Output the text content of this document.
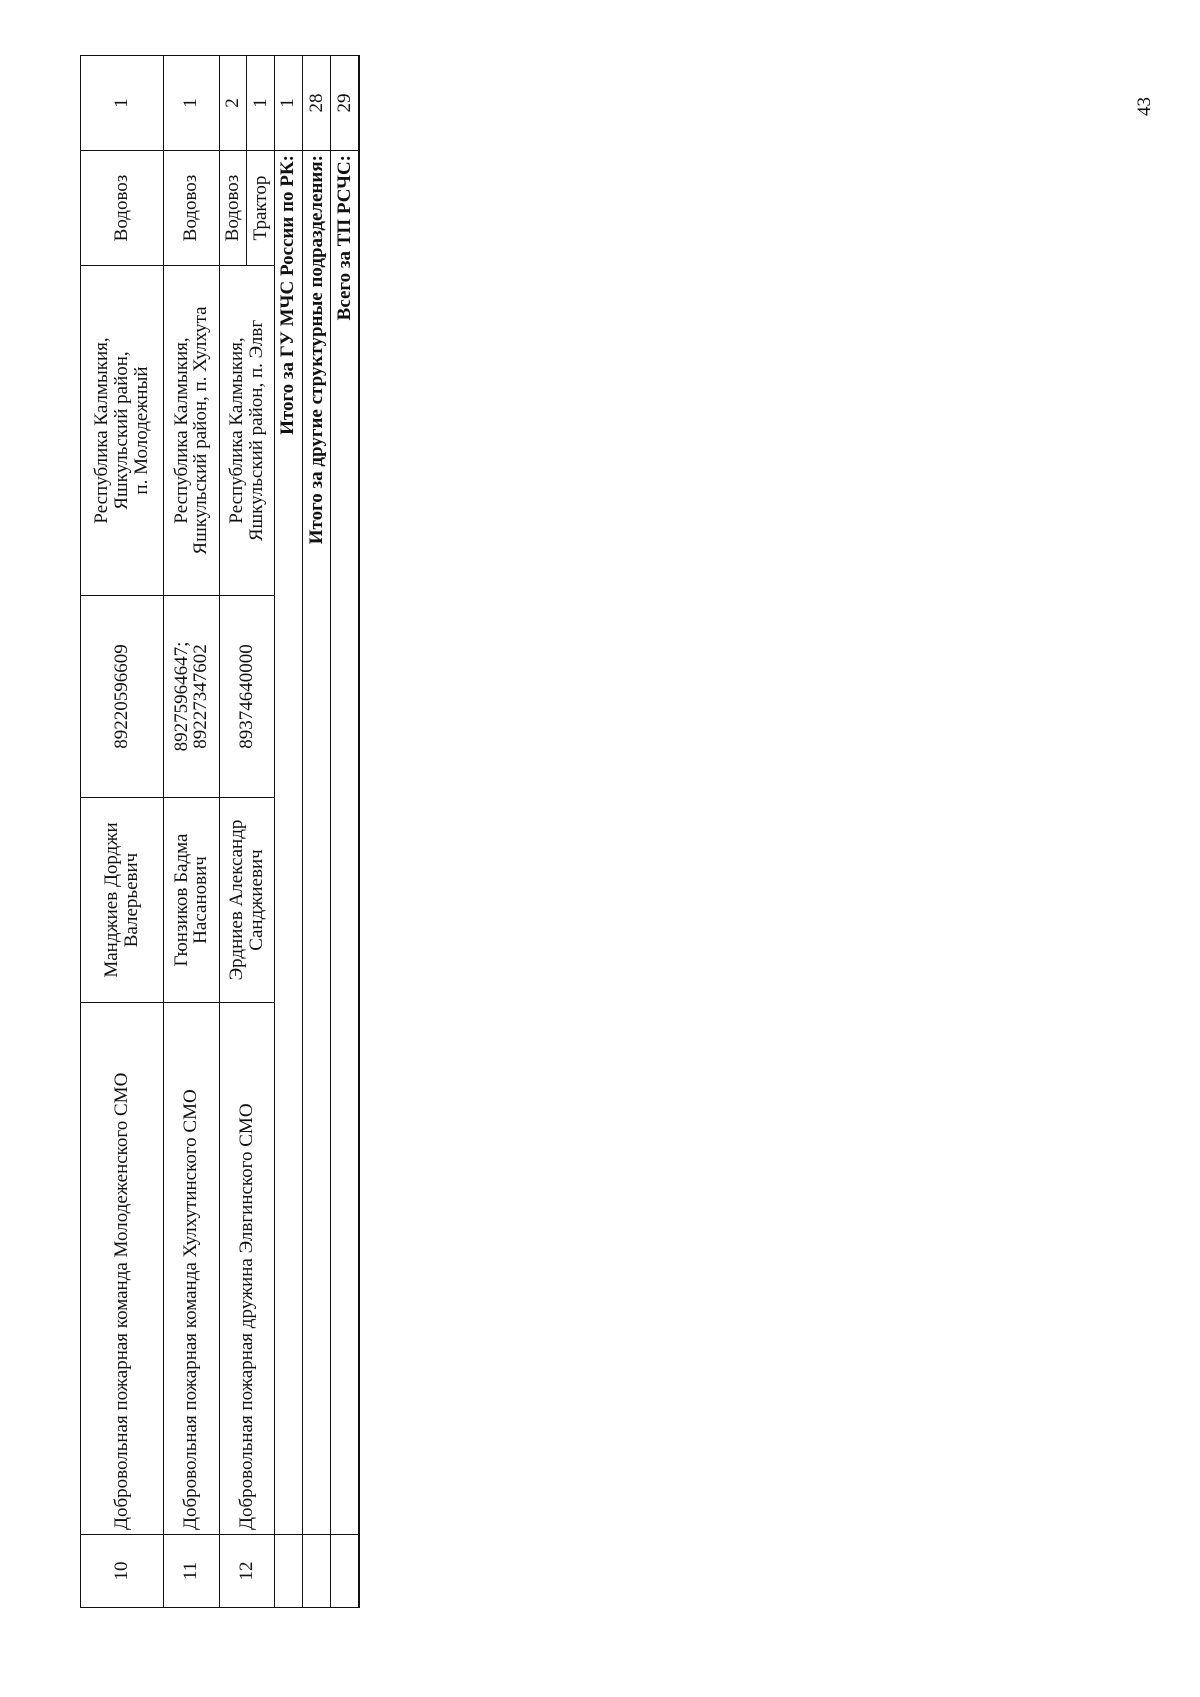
10	Добровольная пожарная команда Молодеженского СМО	Манджиев Дорджи Валерьевич	89220596609	Республика Калмыкия,
Яшкульский район,
п. Молодежный	Водовоз	1
11	Добровольная пожарная команда Хулхутинского СМО	Гюнзиков Бадма Насанович	89275964647;
89227347602	Республика Калмыкия,
Яшкульский район, п. Хулхута	Водовоз	1
12	Добровольная пожарная дружина Элвгинского СМО	Эрдниев Александр Санджиевич	89374640000	Республика Калмыкия,
Яшкульский район, п. Элвг	Водовоз	2
					Трактор	1
	Итого за ГУ МЧС России по РК:					1
	Итого за другие структурные подразделения:					28
	Всего за ТП РСЧС:					29	43
